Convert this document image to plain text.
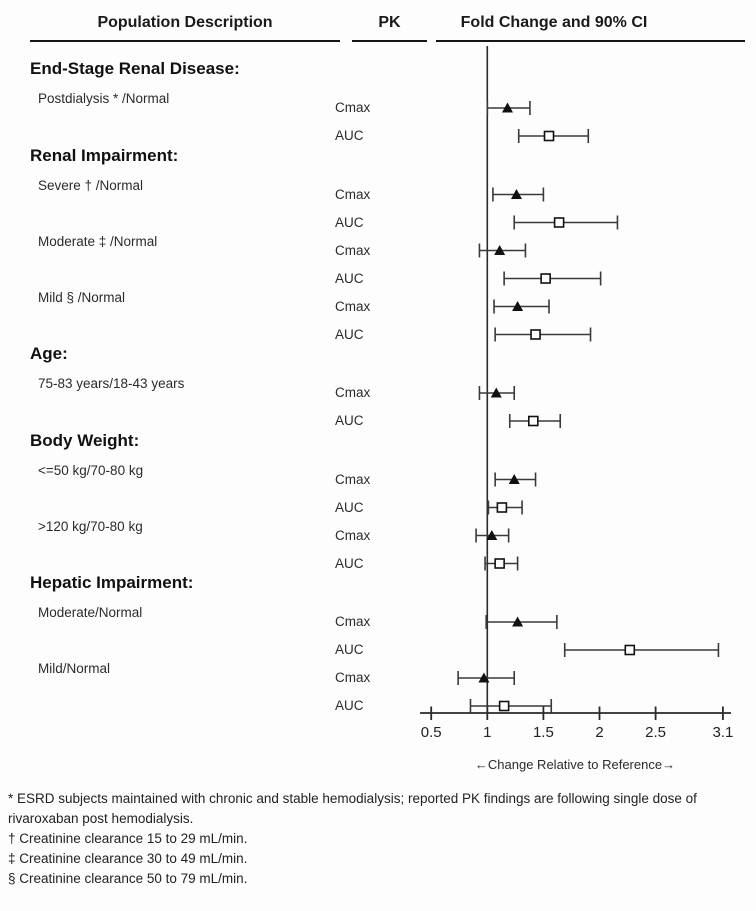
Population Description	PK	Fold Change and 90% CI
End-Stage Renal Disease:
Postdialysis * /Normal
Cmax
AUC
Renal Impairment:
Severe † /Normal
Cmax
AUC
Moderate ‡ /Normal
Cmax
AUC
Mild § /Normal
Cmax
AUC
Age:
75-83 years/18-43 years
Cmax
AUC
Body Weight:
<=50 kg/70-80 kg
Cmax
AUC
>120 kg/70-80 kg
Cmax
AUC
Hepatic Impairment:
Moderate/Normal
Cmax
AUC
Mild/Normal
Cmax
AUC
0.5	1	1.5	2	2.5	3.1
←Change Relative to Reference→
* ESRD subjects maintained with chronic and stable hemodialysis; reported PK findings are following single dose of rivaroxaban post hemodialysis.
† Creatinine clearance 15 to 29 mL/min.
‡ Creatinine clearance 30 to 49 mL/min.
§ Creatinine clearance 50 to 79 mL/min.
